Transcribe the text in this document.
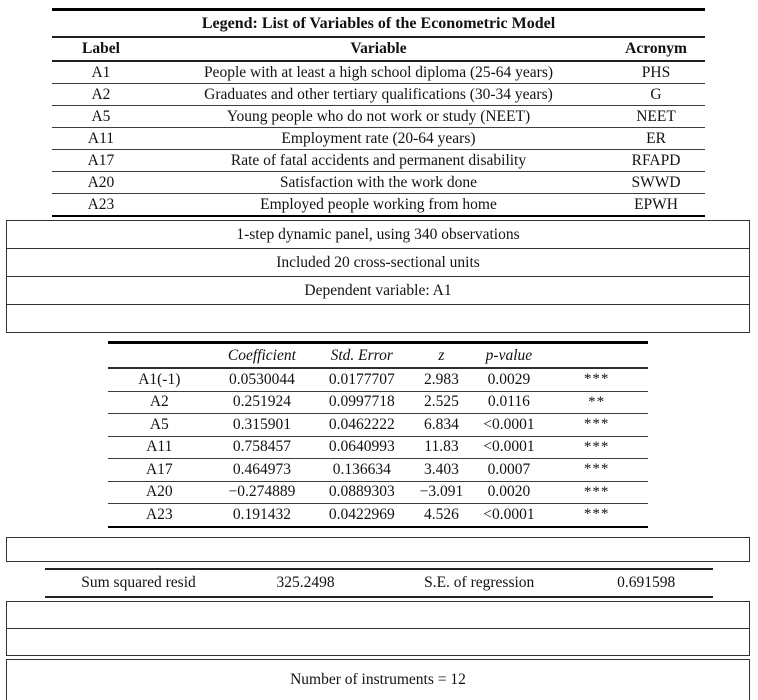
Legend: List of Variables of the Econometric Model		
Label	Variable	Acronym
A1	People with at least a high school diploma (25-64 years)	PHS
A2	Graduates and other tertiary qualifications (30-34 years)	G
A5	Young people who do not work or study (NEET)	NEET
A11	Employment rate (20-64 years)	ER
A17	Rate of fatal accidents and permanent disability	RFAPD
A20	Satisfaction with the work done	SWWD
A23	Employed people working from home	EPWH
1-step dynamic panel, using 340 observations
Included 20 cross-sectional units
Dependent variable: A1
	Coefficient	Std. Error	z	p-value	
A1(-1)	0.0530044	0.0177707	2.983	0.0029	***
A2	0.251924	0.0997718	2.525	0.0116	**
A5	0.315901	0.0462222	6.834	<0.0001	***
A11	0.758457	0.0640993	11.83	<0.0001	***
A17	0.464973	0.136634	3.403	0.0007	***
A20	−0.274889	0.0889303	−3.091	0.0020	***
A23	0.191432	0.0422969	4.526	<0.0001	***
Sum squared resid	325.2498	S.E. of regression	0.691598
Number of instruments = 12
